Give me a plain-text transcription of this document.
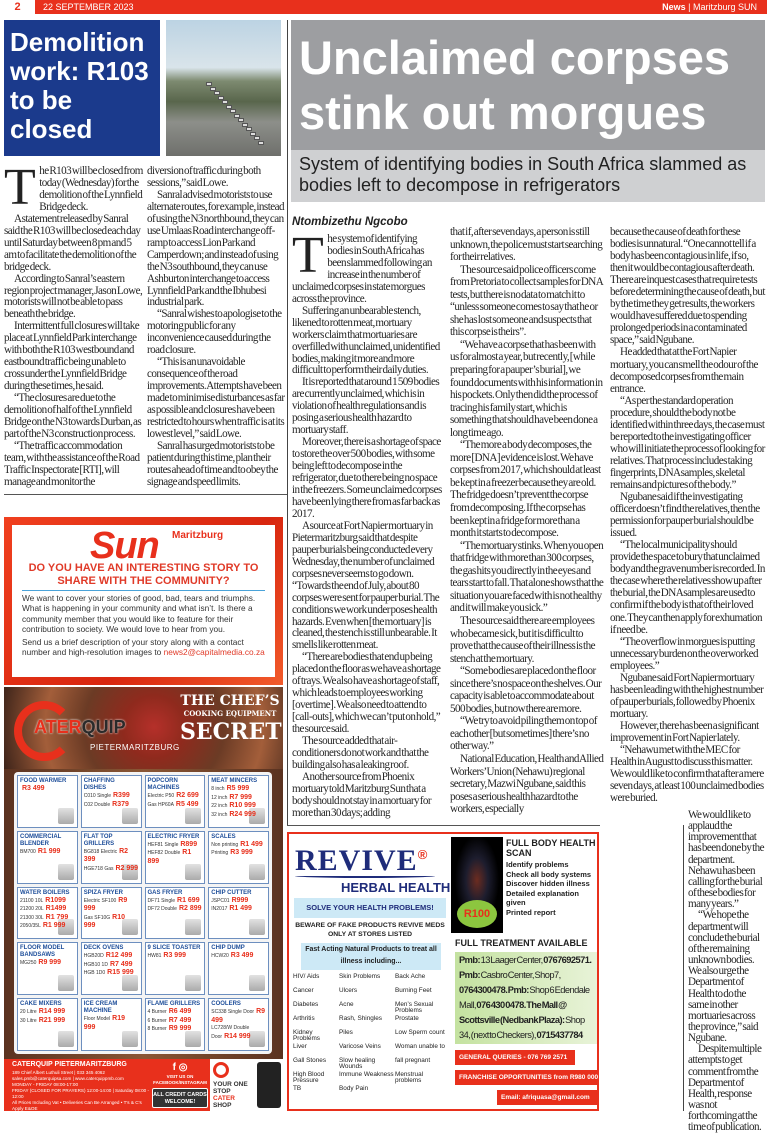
2	22 SEPTEMBER 2023	News | Maritzburg SUN
Demolition work: R103 to be closed

The R103 will be closed from today (Wednesday) for the demolition of the Lynnfield Bridge deck.

A statement released by Sanral said the R103 will be closed each day until Saturday between 8 pm and 5 am to facilitate the demolition of the bridge deck.

According to Sanral’s eastern region project manager, Jason Lowe, motorists will not be able to pass beneath the bridge.

Intermittent full closures will take place at Lynnfield Park interchange with both the R103 westbound and eastbound traffic being unable to cross under the Lynnfield Bridge during these times, he said.

“The closures are due to the demolition of half of the Lynnfield Bridge on the N3 towards Durban, as part of the N3 construction process.

“The traffic accommodation team, with the assistance of the Road Traffic Inspectorate [RTI], will manage and monitor the

diversion of traffic during both sessions,” said Lowe.

Sanral advised motorists to use alternate routes, for example, instead of using the N3 northbound, they can use Umlaas Road interchange off-ramp to access Lion Park and Camperdown; and instead of using the N3 southbound, they can use Ashburton interchange to access Lynnfield Park and the Ibhubesi industrial park.

“Sanral wishes to apologise to the motoring public for any inconvenience caused during the road closure.

“This is an unavoidable consequence of the road improvements. Attempts have been made to minimise disturbances as far as possible and closures have been restricted to hours when traffic is at its lowest level,” said Lowe.

Sanral has urged motorists to be patient during this time, plan their routes ahead of time and to obey the signage and speed limits.

Sun Maritzburg
DO YOU HAVE AN INTERESTING STORY TO SHARE WITH THE COMMUNITY?

We want to cover your stories of good, bad, tears and triumphs. What is happening in your community and what isn’t. Is there a community member that you would like to feature for their contribution to society. We would love to hear from you.

Send us a brief description of your story along with a contact number and high-resolution images to news2@capitalmedia.co.za

ATERQUIP
PIETERMARITZBURG
THE CHEF’S
COOKING EQUIPMENT
SECRET
FOOD WARMER
R3 499
CHAFFING DISHES
C010 Single R399
C02 Double R379
POPCORN MACHINES
Electric P50 R2 699
Gas HP60A R5 499
MEAT MINCERS
8 inch R5 999
12 inch R7 999
22 inch R10 999
32 inch R24 999
COMMERCIAL BLENDER
BM700 R1 999
FLAT TOP GRILLERS
BG818 Electric R2 399
HGE718 Gas R2 999
ELECTRIC FRYER
HEF81 Single R899
HEF82 Double R1 899
SCALES
Non printing R1 499
Printing R3 999
WATER BOILERS
21100 10L R1099
21200 20L R1499
21300 30L R1 799
2050/35L R1 999
SPIZA FRYER
Electric SF100 R9 999
Gas SF10G R10 999
GAS FRYER
DF71 Single R1 699
DF72 Double R2 899
CHIP CUTTER
JSPC01 R999
IN2017 R1 499
FLOOR MODEL BANDSAWS
MG250 R9 999
DECK OVENS
HGB20D R12 499
HGB10 1D R7 499
HGB 1D0 R15 999
9 SLICE TOASTER
HW81 R3 999
CHIP DUMP
HCW20 R3 499
CAKE MIXERS
20 Litre R14 999
30 Litre R21 999
ICE CREAM MACHINE
Floor Model R19 999
FLAME GRILLERS
4 Burner R6 499
6 Burner R7 499
8 Burner R9 999
COOLERS
SC338 Single Door R9 499
LC728/W Double Door R14 999
CATERQUIP PIETERMARITZBURG
189 Chief Albert Luthuli Street | 033 345 4062
sales.pmb@caterquipsa.com | www.caterquippmb.com
MONDAY - FRIDAY 08:00-17:00
FRIDAY (CLOSED FOR PRAYERS) 12:00-14:00 | Saturday 08:00 - 12:00
All Prices Including Vat • Deliveries Can Be Arranged • T’s & C’s Apply E&OE
f ◎
VISIT US ON FACEBOOK/INSTAGRAM
ALL CREDIT CARDS WELCOME!
YOUR ONE STOP
CATER SHOP
Unclaimed corpses stink out morgues
System of identifying bodies in South Africa slammed as bodies left to decompose in refrigerators
Ntombizethu Ngcobo

The system of identifying bodies in South Africa has been slammed following an increase in the number of unclaimed corpses in state morgues across the province.

Suffering an unbearable stench, likened to rotten meat, mortuary workers claim that mortuaries are overfilled with unclaimed, unidentified bodies, making it more and more difficult to perform their daily duties.

It is reported that around 1 509 bodies are currently unclaimed, which is in violation of health regulations and is posing a serious health hazard to mortuary staff.

Moreover, there is a shortage of space to store the over 500 bodies, with some being left to decompose in the refrigerator, due to there being no space in the freezers. Some unclaimed corpses have been lying there from as far back as 2017.

A source at Fort Napier mortuary in Pietermaritzburg said that despite pauper burials being conducted every Wednesday, the number of unclaimed corpses never seems to go down. “Towards the end of July, about 80 corpses were sent for pauper burial. The conditions we work under poses health hazards. Even when [the mortuary] is cleaned, the stench is still unbearable. It smells like rotten meat.

“There are bodies that end up being placed on the floor as we have a shortage of trays. We also have a shortage of staff, which leads to employees working [overtime]. We also need to attend to [call-outs], which we can’t put on hold,” the source said.

The source added that air-conditioners do not work and that the building also has a leaking roof.

Another source from Phoenix mortuary told Maritzburg Sun that a body should not stay in a mortuary for more than 30 days; adding

that if, after seven days, a person is still unknown, the police must start searching for their relatives.

The source said police officers come from Pretoria to collect samples for DNA tests, but there is no data to match it to “unless someone comes to say that he or she has lost someone and suspects that this corpse is theirs”.

“We have a corpse that has been with us for almost a year, but recently, [while preparing for a pauper’s burial], we found documents with his information in his pockets. Only then did the process of tracing his family start, which is something that should have been done a long time ago.

“The more a body decomposes, the more [DNA] evidence is lost. We have corpses from 2017, which should at least be kept in a freezer because they are old. The fridge doesn’t prevent the corpse from decomposing. If the corpse has been kept in a fridge for more than a month it starts to decompose.

“The mortuary stinks. When you open that fridge with more than 300 corpses, the gas hits you directly in the eyes and tears start to fall. That alone shows that the situation you are faced with is not healthy and it will make you sick.”

The source said there are employees who became sick, but it is difficult to prove that the cause of their illness is the stench at the mortuary.

“Some bodies are placed on the floor since there’s no space on the shelves. Our capacity is able to accommodate about 500 bodies, but now there are more.

“We try to avoid piling them on top of each other [but sometimes] there’s no other way.”

National Education, Health and Allied Workers’ Union (Nehawu) regional secretary, Mazwi Ngubane, said this poses a serious health hazard to the workers, especially

because the cause of death for these bodies is unnatural. “One cannot tell if a body has been contagious in life, if so, then it would be contagious after death. There are inquest cases that require tests before determining the cause of death, but by the time they get results, the workers would have suffered due to spending prolonged periods in a contaminated space,” said Ngubane.

He added that at the Fort Napier mortuary, you can smell the odour of the decomposed corpses from the main entrance.

“As per the standard operation procedure, should the body not be identified within three days, the case must be reported to the investigating officer who will initiate the process of looking for relatives. That process includes taking fingerprints, DNA samples, skeletal remains and pictures of the body.”

Ngubane said if the investigating officer doesn’t find the relatives, then the permission for pauper burial should be issued.

“The local municipality should provide the space to bury that unclaimed body and the grave number is recorded. In the case where the relatives show up after the burial, the DNA samples are used to confirm if the body is that of their loved one. They can then apply for exhumation if need be.

“The overflow in morgues is putting unnecessary burden on the overworked employees.”

Ngubane said Fort Napier mortuary has been leading with the highest number of pauper burials, followed by Phoenix mortuary.

However, there has been a significant improvement in Fort Napier lately.

“Nehawu met with the MEC for Health in August to discuss this matter. We would like to confirm that after a mere seven days, at least 100 unclaimed bodies were buried.

We would like to applaud the improvement that has been done by the department. Nehawu has been calling for the burial of these bodies for many years.”

“We hope the department will conclude the burial of the remaining unknown bodies. We also urge the Department of Health to do the same in other mortuaries across the province,” said Ngubane.

Despite multiple attempts to get comment from the Department of Health, response was not forthcoming at the time of publication.

REVIVE®
HERBAL HEALTH
SOLVE YOUR HEALTH PROBLEMS!
BEWARE OF FAKE PRODUCTS REVIVE MEDS ONLY AT STORES LISTED
Fast Acting Natural Products to treat all illness including...
HIV/ Aids
Cancer
Diabetes
Arthritis
Kidney Problems
Liver
Gall Stones
High Blood Pressure
TB
Skin Problems
Ulcers
Acne
Rash, Shingles
Piles
Varicose Veins
Slow healing Wounds
Immune Weakness
Body Pain
Back Ache
Burning Feet
Men’s Sexual Problems
Prostate
Low Sperm count
Woman unable to
fall pregnant
Menstrual problems
R100
FULL BODY HEALTH SCAN
Identify problems
Check all body systems
Discover hidden illness
Detailed explanation given
Printed report
FULL TREATMENT AVAILABLE
Pmb: 13 Laager Center, 0767692571. Pmb: Casbro Center, Shop7, 0764300478. Pmb: Shop 6 Edendale Mall, 076 430 0478. The Mall @ Scottsville (Nedbank Plaza): Shop 34, (next to Checkers), 0715437784
GENERAL QUERIES - 076 769 2571
FRANCHISE OPPORTUNITIES from R980 000
Email: afriquasa@gmail.com
